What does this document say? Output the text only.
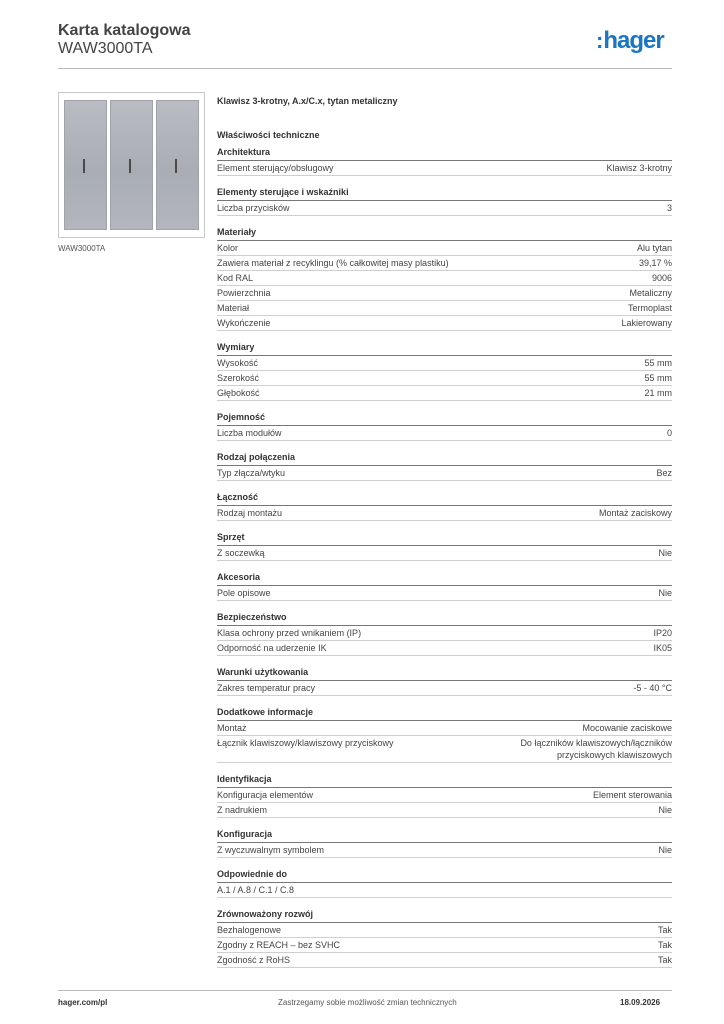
Karta katalogowa
WAW3000TA	:hager
WAW3000TA
Klawisz 3-krotny, A.x/C.x, tytan metaliczny
Właściwości techniczne
Architektura
Element sterujący/obsługowy	Klawisz 3-krotny
Elementy sterujące i wskaźniki
Liczba przycisków	3
Materiały
Kolor	Alu tytan
Zawiera materiał z recyklingu (% całkowitej masy plastiku)	39,17 %
Kod RAL	9006
Powierzchnia	Metaliczny
Materiał	Termoplast
Wykończenie	Lakierowany
Wymiary
Wysokość	55 mm
Szerokość	55 mm
Głębokość	21 mm
Pojemność
Liczba modułów	0
Rodzaj połączenia
Typ złącza/wtyku	Bez
Łączność
Rodzaj montażu	Montaż zaciskowy
Sprzęt
Z soczewką	Nie
Akcesoria
Pole opisowe	Nie
Bezpieczeństwo
Klasa ochrony przed wnikaniem (IP)	IP20
Odporność na uderzenie IK	IK05
Warunki użytkowania
Zakres temperatur pracy	-5 - 40 °C
Dodatkowe informacje
Montaż	Mocowanie zaciskowe
Łącznik klawiszowy/klawiszowy przyciskowy	Do łączników klawiszowych/łączników
przyciskowych klawiszowych
Identyfikacja
Konfiguracja elementów	Element sterowania
Z nadrukiem	Nie
Konfiguracja
Z wyczuwalnym symbolem	Nie
Odpowiednie do
A.1 / A.8 / C.1 / C.8
Zrównoważony rozwój
Bezhalogenowe	Tak
Zgodny z REACH – bez SVHC	Tak
Zgodność z RoHS	Tak
hager.com/pl	Zastrzegamy sobie możliwość zmian technicznych	18.09.2026
